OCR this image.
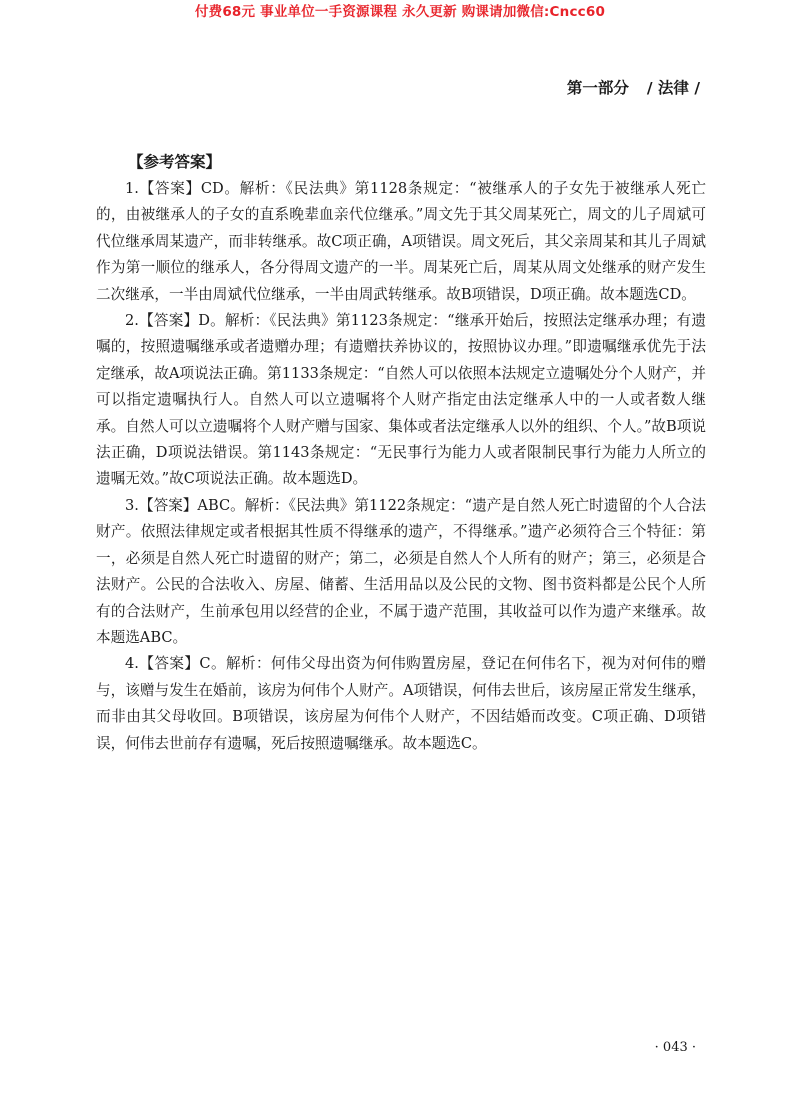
付费68元 事业单位一手资源课程 永久更新 购课请加微信:Cncc60
第一部分 / 法律 /
【参考答案】

1.【答案】CD。解析：《民法典》第1128条规定：“被继承人的子女先于被继承人死亡的，由被继承人的子女的直系晚辈血亲代位继承。”周文先于其父周某死亡，周文的儿子周斌可代位继承周某遗产，而非转继承。故C项正确，A项错误。周文死后，其父亲周某和其儿子周斌作为第一顺位的继承人，各分得周文遗产的一半。周某死亡后，周某从周文处继承的财产发生二次继承，一半由周斌代位继承，一半由周武转继承。故B项错误，D项正确。故本题选CD。

2.【答案】D。解析：《民法典》第1123条规定：“继承开始后，按照法定继承办理；有遗嘱的，按照遗嘱继承或者遗赠办理；有遗赠扶养协议的，按照协议办理。”即遗嘱继承优先于法定继承，故A项说法正确。第1133条规定：“自然人可以依照本法规定立遗嘱处分个人财产，并可以指定遗嘱执行人。自然人可以立遗嘱将个人财产指定由法定继承人中的一人或者数人继承。自然人可以立遗嘱将个人财产赠与国家、集体或者法定继承人以外的组织、个人。”故B项说法正确，D项说法错误。第1143条规定：“无民事行为能力人或者限制民事行为能力人所立的遗嘱无效。”故C项说法正确。故本题选D。

3.【答案】ABC。解析：《民法典》第1122条规定：“遗产是自然人死亡时遗留的个人合法财产。依照法律规定或者根据其性质不得继承的遗产，不得继承。”遗产必须符合三个特征：第一，必须是自然人死亡时遗留的财产；第二，必须是自然人个人所有的财产；第三，必须是合法财产。公民的合法收入、房屋、储蓄、生活用品以及公民的文物、图书资料都是公民个人所有的合法财产，生前承包用以经营的企业，不属于遗产范围，其收益可以作为遗产来继承。故本题选ABC。

4.【答案】C。解析：何伟父母出资为何伟购置房屋，登记在何伟名下，视为对何伟的赠与，该赠与发生在婚前，该房为何伟个人财产。A项错误，何伟去世后，该房屋正常发生继承，而非由其父母收回。B项错误，该房屋为何伟个人财产，不因结婚而改变。C项正确、D项错误，何伟去世前存有遗嘱，死后按照遗嘱继承。故本题选C。

· 043 ·
